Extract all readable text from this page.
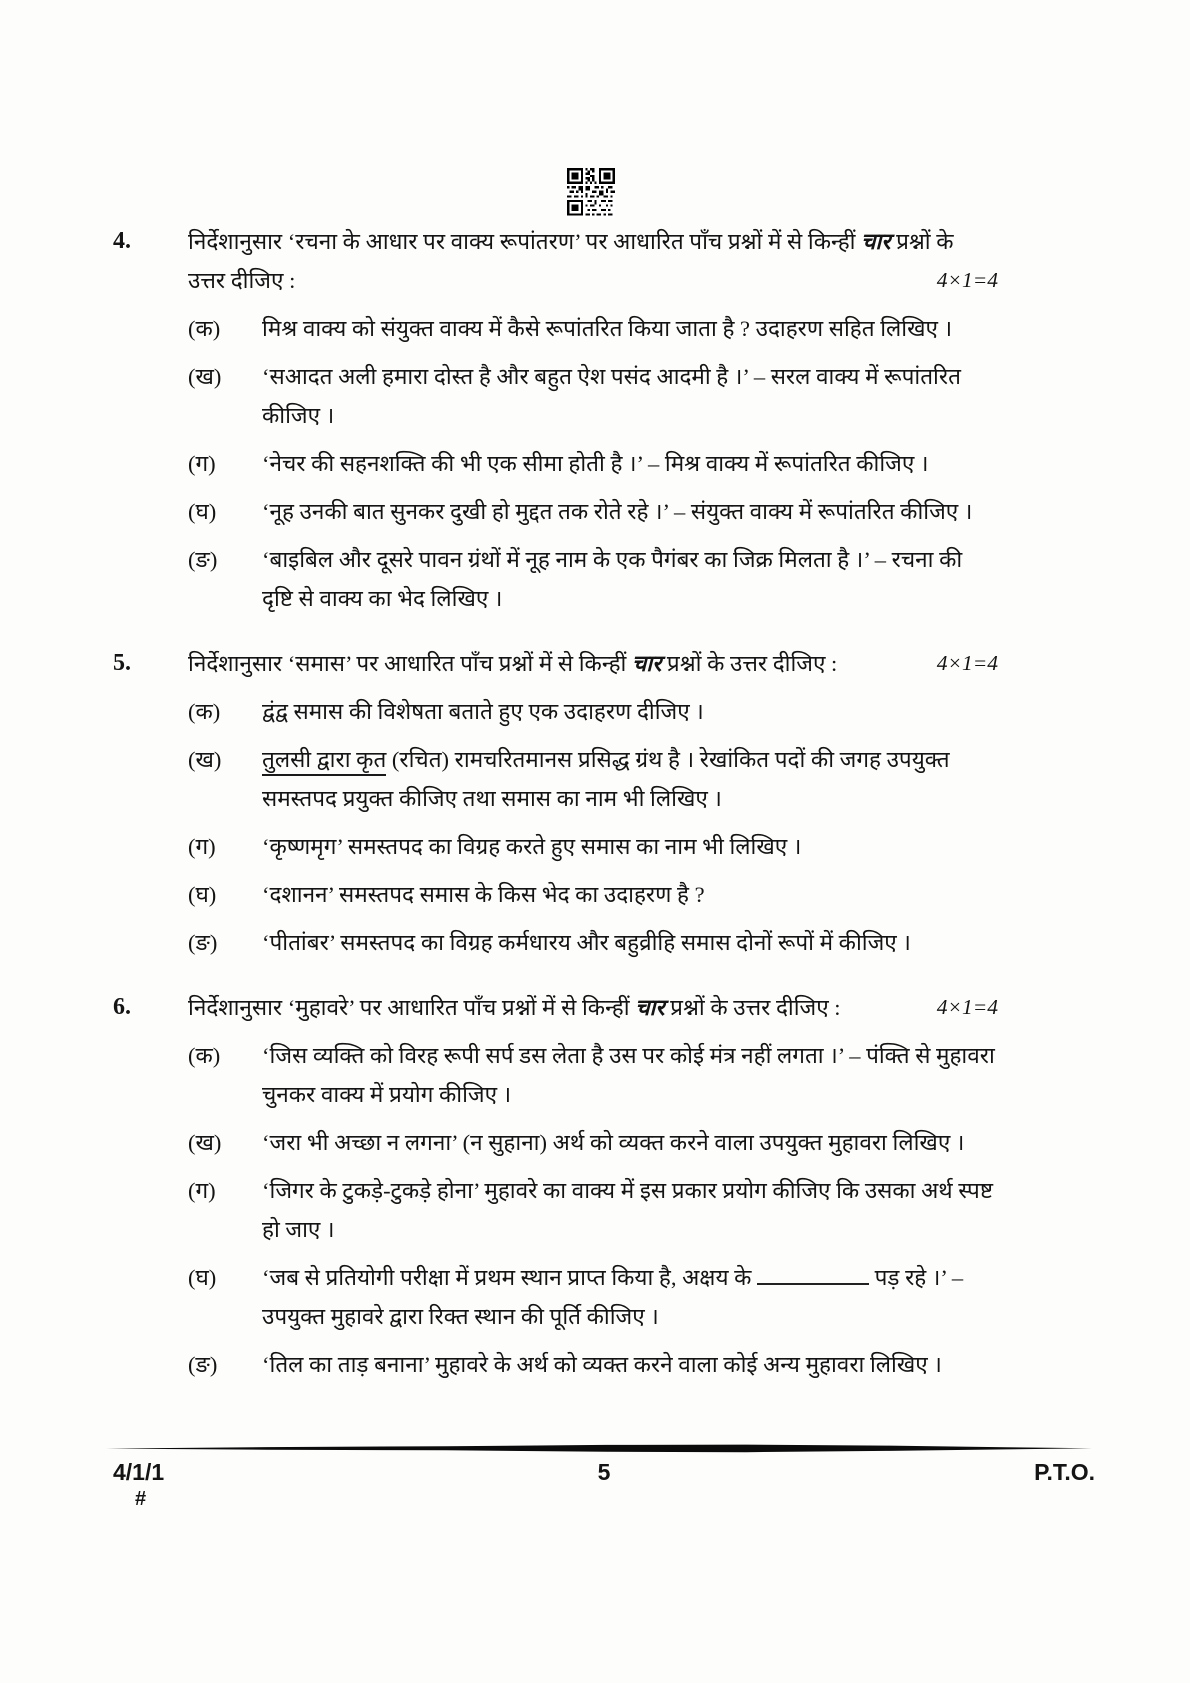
4.	निर्देशानुसार ‘रचना के आधार पर वाक्य रूपांतरण’ पर आधारित पाँच प्रश्नों में से किन्हीं चार प्रश्नों के
उत्तर दीजिए :	4×1=4
(क)	मिश्र वाक्य को संयुक्त वाक्य में कैसे रूपांतरित किया जाता है ? उदाहरण सहित लिखिए ।
(ख)	‘सआदत अली हमारा दोस्त है और बहुत ऐश पसंद आदमी है ।’ – सरल वाक्य में रूपांतरित कीजिए ।
(ग)	‘नेचर की सहनशक्ति की भी एक सीमा होती है ।’ – मिश्र वाक्य में रूपांतरित कीजिए ।
(घ)	‘नूह उनकी बात सुनकर दुखी हो मुद्दत तक रोते रहे ।’ – संयुक्त वाक्य में रूपांतरित कीजिए ।
(ङ)	‘बाइबिल और दूसरे पावन ग्रंथों में नूह नाम के एक पैगंबर का जिक्र मिलता है ।’ – रचना की दृष्टि से वाक्य का भेद लिखिए ।
5.	निर्देशानुसार ‘समास’ पर आधारित पाँच प्रश्नों में से किन्हीं चार प्रश्नों के उत्तर दीजिए :	4×1=4
(क)	द्वंद्व समास की विशेषता बताते हुए एक उदाहरण दीजिए ।
(ख)	तुलसी द्वारा कृत (रचित) रामचरितमानस प्रसिद्ध ग्रंथ है । रेखांकित पदों की जगह उपयुक्त समस्तपद प्रयुक्त कीजिए तथा समास का नाम भी लिखिए ।
(ग)	‘कृष्णमृग’ समस्तपद का विग्रह करते हुए समास का नाम भी लिखिए ।
(घ)	‘दशानन’ समस्तपद समास के किस भेद का उदाहरण है ?
(ङ)	‘पीतांबर’ समस्तपद का विग्रह कर्मधारय और बहुव्रीहि समास दोनों रूपों में कीजिए ।
6.	निर्देशानुसार ‘मुहावरे’ पर आधारित पाँच प्रश्नों में से किन्हीं चार प्रश्नों के उत्तर दीजिए :	4×1=4
(क)	‘जिस व्यक्ति को विरह रूपी सर्प डस लेता है उस पर कोई मंत्र नहीं लगता ।’ – पंक्ति से मुहावरा चुनकर वाक्य में प्रयोग कीजिए ।
(ख)	‘जरा भी अच्छा न लगना’ (न सुहाना) अर्थ को व्यक्त करने वाला उपयुक्त मुहावरा लिखिए ।
(ग)	‘जिगर के टुकड़े-टुकड़े होना’ मुहावरे का वाक्य में इस प्रकार प्रयोग कीजिए कि उसका अर्थ स्पष्ट हो जाए ।
(घ)	‘जब से प्रतियोगी परीक्षा में प्रथम स्थान प्राप्त किया है, अक्षय के	पड़ रहे ।’ – उपयुक्त मुहावरे द्वारा रिक्त स्थान की पूर्ति कीजिए ।
(ङ)	‘तिल का ताड़ बनाना’ मुहावरे के अर्थ को व्यक्त करने वाला कोई अन्य मुहावरा लिखिए ।
4/1/1
#
5	P.T.O.
